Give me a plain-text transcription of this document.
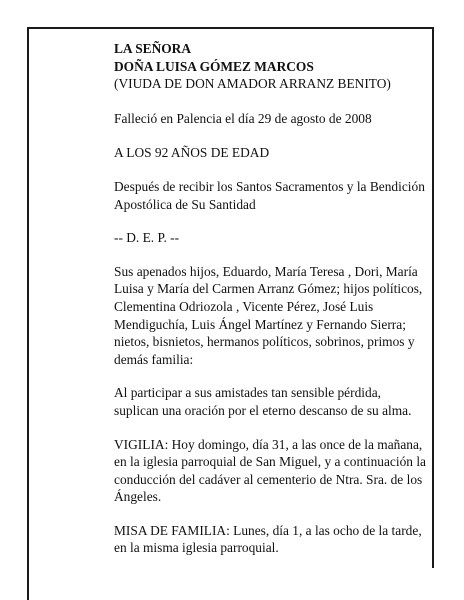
LA SEÑORA

DOÑA LUISA GÓMEZ MARCOS

(VIUDA DE DON AMADOR ARRANZ BENITO)

Falleció en Palencia el día 29 de agosto de 2008

A LOS 92 AÑOS DE EDAD

Después de recibir los Santos Sacramentos y la Bendición Apostólica de Su Santidad

-- D. E. P. --

Sus apenados hijos, Eduardo, María Teresa , Dori, María Luisa y María del Carmen Arranz Gómez; hijos políticos, Clementina Odriozola , Vicente Pérez, José Luis Mendiguchía, Luis Ángel Martínez y Fernando Sierra; nietos, bisnietos, hermanos políticos, sobrinos, primos y demás familia:

Al participar a sus amistades tan sensible pérdida, suplican una oración por el eterno descanso de su alma.

VIGILIA: Hoy domingo, día 31, a las once de la mañana, en la iglesia parroquial de San Miguel, y a continuación la conducción del cadáver al cementerio de Ntra. Sra. de los Ángeles.

MISA DE FAMILIA: Lunes, día 1, a las ocho de la tarde, en la misma iglesia parroquial.
